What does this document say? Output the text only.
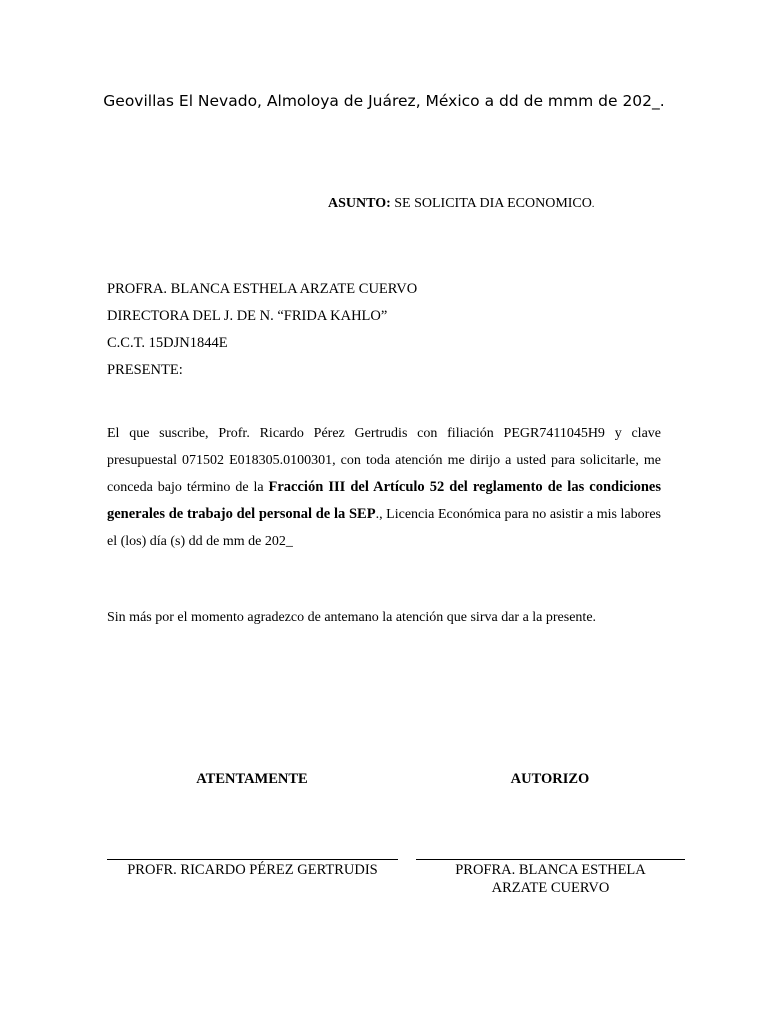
Geovillas El Nevado, Almoloya de Juárez, México a dd de mmm de 202_.

ASUNTO: SE SOLICITA DIA ECONOMICO.

PROFRA. BLANCA ESTHELA ARZATE CUERVO

DIRECTORA DEL J. DE N. “FRIDA KAHLO”

C.C.T. 15DJN1844E

PRESENTE:

El que suscribe, Profr. Ricardo Pérez Gertrudis con filiación PEGR7411045H9 y clave presupuestal 071502 E018305.0100301, con toda atención me dirijo a usted para solicitarle, me conceda bajo término de la Fracción III del Artículo 52 del reglamento de las condiciones generales de trabajo del personal de la SEP., Licencia Económica para no asistir a mis labores el (los) día (s) dd de mm de 202_

Sin más por el momento agradezco de antemano la atención que sirva dar a la presente.

ATENTAMENTE	AUTORIZO

PROFR. RICARDO PÉREZ GERTRUDIS	PROFRA. BLANCA ESTHELA
ARZATE CUERVO
